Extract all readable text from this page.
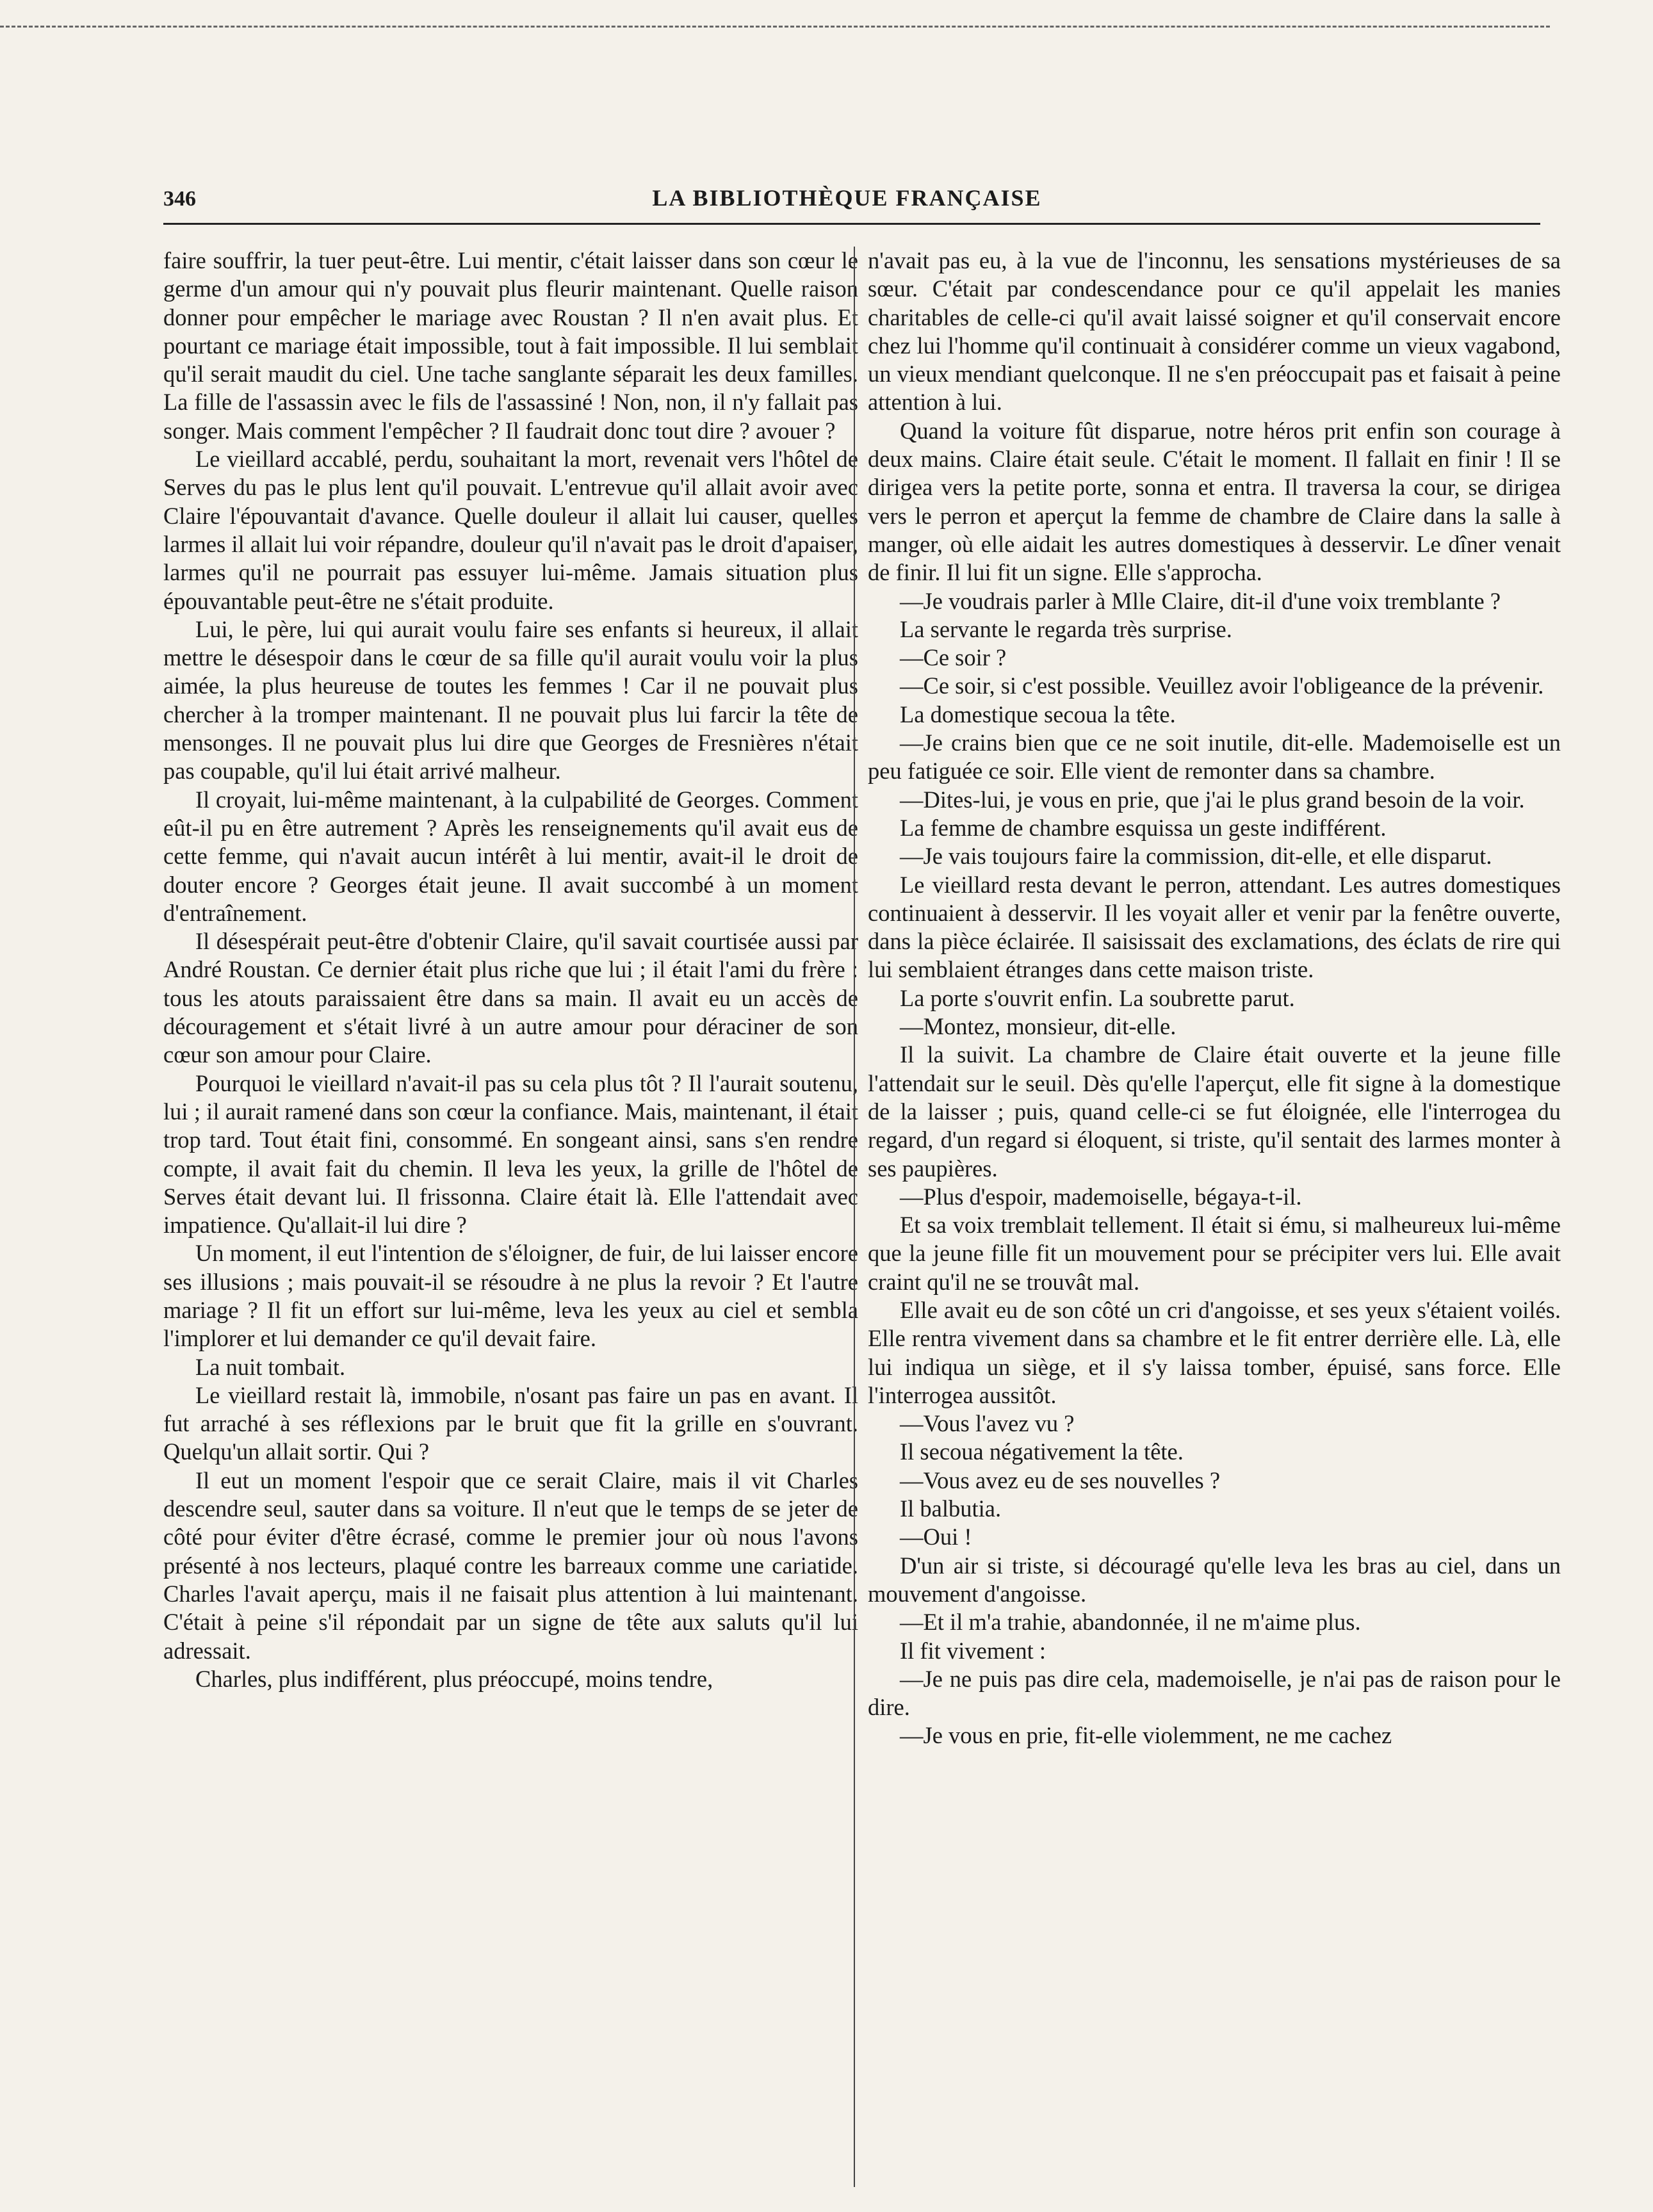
346	LA BIBLIOTHÈQUE FRANÇAISE

faire souffrir, la tuer peut-être. Lui mentir, c'était laisser dans son cœur le germe d'un amour qui n'y pouvait plus fleurir maintenant. Quelle raison donner pour empêcher le mariage avec Roustan ? Il n'en avait plus. Et pourtant ce mariage était impossible, tout à fait impossible. Il lui semblait qu'il serait maudit du ciel. Une tache sanglante séparait les deux familles. La fille de l'assassin avec le fils de l'assassiné ! Non, non, il n'y fallait pas songer. Mais comment l'empêcher ? Il faudrait donc tout dire ? avouer ?

Le vieillard accablé, perdu, souhaitant la mort, revenait vers l'hôtel de Serves du pas le plus lent qu'il pouvait. L'entrevue qu'il allait avoir avec Claire l'épouvantait d'avance. Quelle douleur il allait lui causer, quelles larmes il allait lui voir répandre, douleur qu'il n'avait pas le droit d'apaiser, larmes qu'il ne pourrait pas essuyer lui-même. Jamais situation plus épouvantable peut-être ne s'était produite.

Lui, le père, lui qui aurait voulu faire ses enfants si heureux, il allait mettre le désespoir dans le cœur de sa fille qu'il aurait voulu voir la plus aimée, la plus heureuse de toutes les femmes ! Car il ne pouvait plus chercher à la tromper maintenant. Il ne pouvait plus lui farcir la tête de mensonges. Il ne pouvait plus lui dire que Georges de Fresnières n'était pas coupable, qu'il lui était arrivé malheur.

Il croyait, lui-même maintenant, à la culpabilité de Georges. Comment eût-il pu en être autrement ? Après les renseignements qu'il avait eus de cette femme, qui n'avait aucun intérêt à lui mentir, avait-il le droit de douter encore ? Georges était jeune. Il avait succombé à un moment d'entraînement.

Il désespérait peut-être d'obtenir Claire, qu'il savait courtisée aussi par André Roustan. Ce dernier était plus riche que lui ; il était l'ami du frère : tous les atouts paraissaient être dans sa main. Il avait eu un accès de découragement et s'était livré à un autre amour pour déraciner de son cœur son amour pour Claire.

Pourquoi le vieillard n'avait-il pas su cela plus tôt ? Il l'aurait soutenu, lui ; il aurait ramené dans son cœur la confiance. Mais, maintenant, il était trop tard. Tout était fini, consommé. En songeant ainsi, sans s'en rendre compte, il avait fait du chemin. Il leva les yeux, la grille de l'hôtel de Serves était devant lui. Il frissonna. Claire était là. Elle l'attendait avec impatience. Qu'allait-il lui dire ?

Un moment, il eut l'intention de s'éloigner, de fuir, de lui laisser encore ses illusions ; mais pouvait-il se résoudre à ne plus la revoir ? Et l'autre mariage ? Il fit un effort sur lui-même, leva les yeux au ciel et sembla l'implorer et lui demander ce qu'il devait faire.

La nuit tombait.

Le vieillard restait là, immobile, n'osant pas faire un pas en avant. Il fut arraché à ses réflexions par le bruit que fit la grille en s'ouvrant. Quelqu'un allait sortir. Qui ?

Il eut un moment l'espoir que ce serait Claire, mais il vit Charles descendre seul, sauter dans sa voiture. Il n'eut que le temps de se jeter de côté pour éviter d'être écrasé, comme le premier jour où nous l'avons présenté à nos lecteurs, plaqué contre les barreaux comme une cariatide. Charles l'avait aperçu, mais il ne faisait plus attention à lui maintenant. C'était à peine s'il répondait par un signe de tête aux saluts qu'il lui adressait.

Charles, plus indifférent, plus préoccupé, moins tendre,

n'avait pas eu, à la vue de l'inconnu, les sensations mystérieuses de sa sœur. C'était par condescendance pour ce qu'il appelait les manies charitables de celle-ci qu'il avait laissé soigner et qu'il conservait encore chez lui l'homme qu'il continuait à considérer comme un vieux vagabond, un vieux mendiant quelconque. Il ne s'en préoccupait pas et faisait à peine attention à lui.

Quand la voiture fût disparue, notre héros prit enfin son courage à deux mains. Claire était seule. C'était le moment. Il fallait en finir ! Il se dirigea vers la petite porte, sonna et entra. Il traversa la cour, se dirigea vers le perron et aperçut la femme de chambre de Claire dans la salle à manger, où elle aidait les autres domestiques à desservir. Le dîner venait de finir. Il lui fit un signe. Elle s'approcha.

—Je voudrais parler à Mlle Claire, dit-il d'une voix tremblante ?

La servante le regarda très surprise.

—Ce soir ?

—Ce soir, si c'est possible. Veuillez avoir l'obligeance de la prévenir.

La domestique secoua la tête.

—Je crains bien que ce ne soit inutile, dit-elle. Mademoiselle est un peu fatiguée ce soir. Elle vient de remonter dans sa chambre.

—Dites-lui, je vous en prie, que j'ai le plus grand besoin de la voir.

La femme de chambre esquissa un geste indifférent.

—Je vais toujours faire la commission, dit-elle, et elle disparut.

Le vieillard resta devant le perron, attendant. Les autres domestiques continuaient à desservir. Il les voyait aller et venir par la fenêtre ouverte, dans la pièce éclairée. Il saisissait des exclamations, des éclats de rire qui lui semblaient étranges dans cette maison triste.

La porte s'ouvrit enfin. La soubrette parut.

—Montez, monsieur, dit-elle.

Il la suivit. La chambre de Claire était ouverte et la jeune fille l'attendait sur le seuil. Dès qu'elle l'aperçut, elle fit signe à la domestique de la laisser ; puis, quand celle-ci se fut éloignée, elle l'interrogea du regard, d'un regard si éloquent, si triste, qu'il sentait des larmes monter à ses paupières.

—Plus d'espoir, mademoiselle, bégaya-t-il.

Et sa voix tremblait tellement. Il était si ému, si malheureux lui-même que la jeune fille fit un mouvement pour se précipiter vers lui. Elle avait craint qu'il ne se trouvât mal.

Elle avait eu de son côté un cri d'angoisse, et ses yeux s'étaient voilés. Elle rentra vivement dans sa chambre et le fit entrer derrière elle. Là, elle lui indiqua un siège, et il s'y laissa tomber, épuisé, sans force. Elle l'interrogea aussitôt.

—Vous l'avez vu ?

Il secoua négativement la tête.

—Vous avez eu de ses nouvelles ?

Il balbutia.

—Oui !

D'un air si triste, si découragé qu'elle leva les bras au ciel, dans un mouvement d'angoisse.

—Et il m'a trahie, abandonnée, il ne m'aime plus.

Il fit vivement :

—Je ne puis pas dire cela, mademoiselle, je n'ai pas de raison pour le dire.

—Je vous en prie, fit-elle violemment, ne me cachez
